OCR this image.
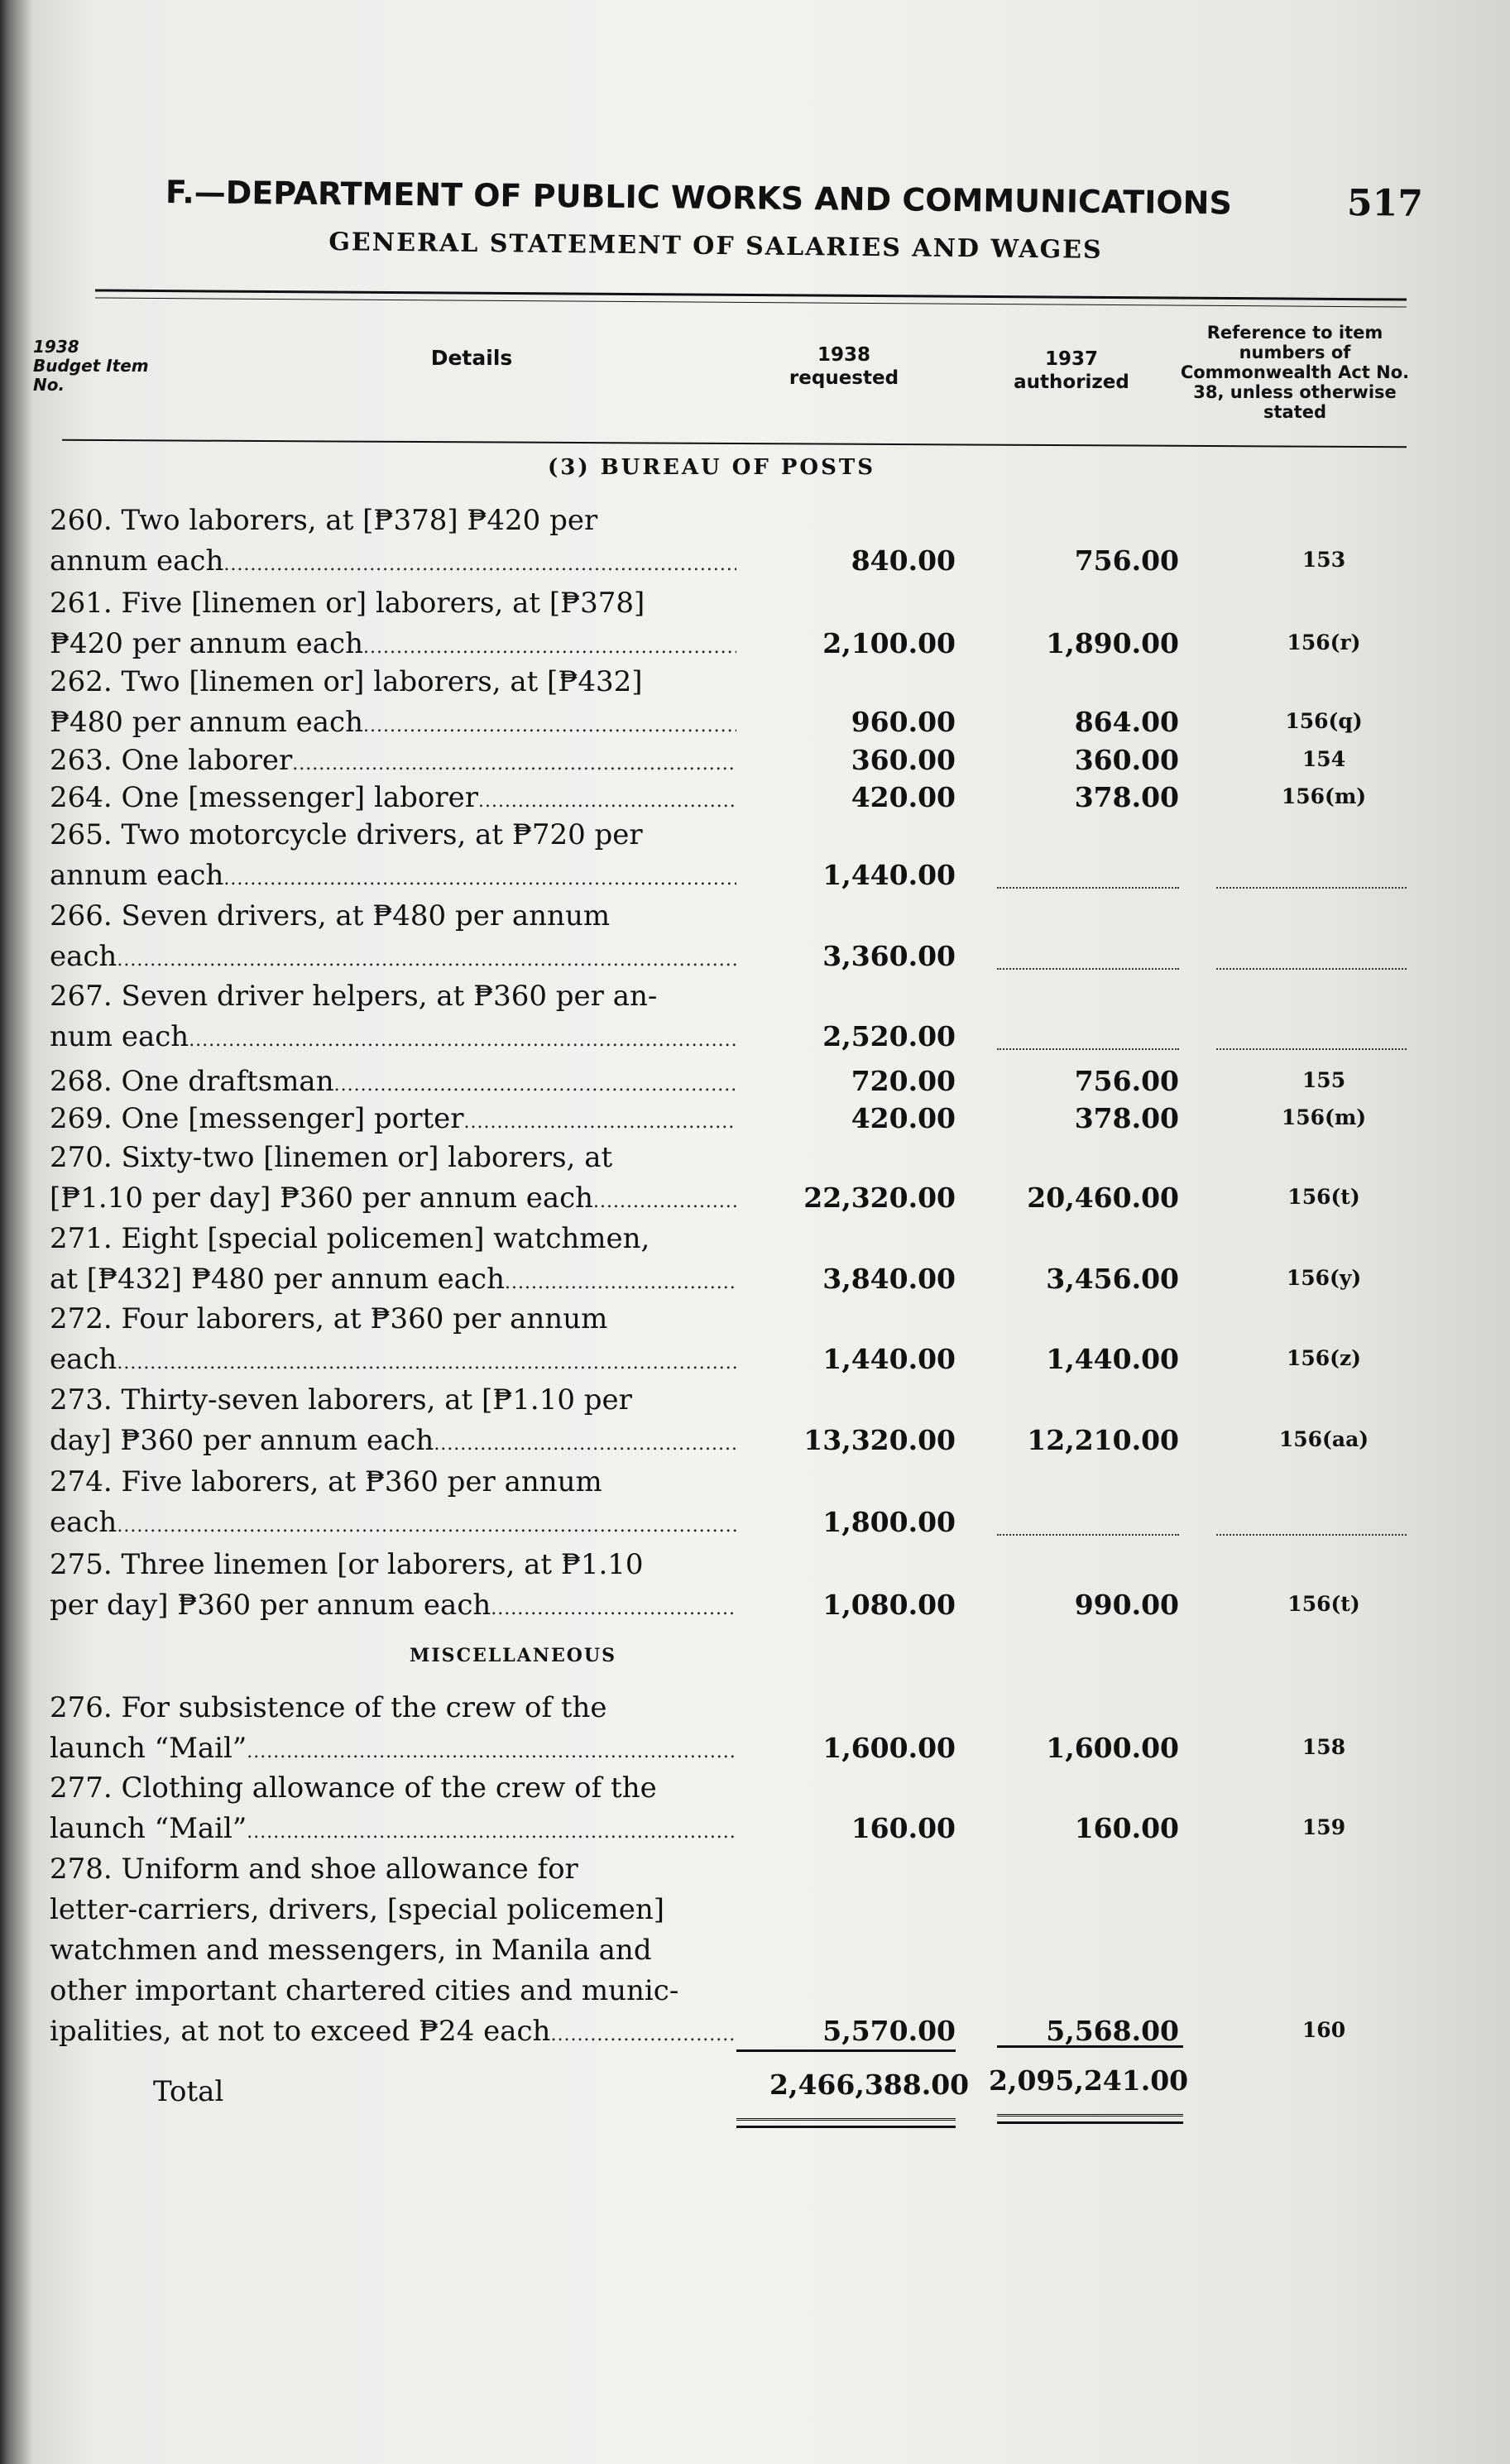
F.—DEPARTMENT OF PUBLIC WORKS AND COMMUNICATIONS	517
GENERAL STATEMENT OF SALARIES AND WAGES
1938 Budget Item No.
Details	1938 requested
1937 authorized
Reference to item numbers of Commonwealth Act No. 38, unless otherwise stated
(3) BUREAU OF POSTS
260. Two laborers, at [₱378] ₱420 per
annum each .....	840.00	756.00	153
261. Five [linemen or] laborers, at [₱378]
₱420 per annum each .....	2,100.00	1,890.00	156(r)
262. Two [linemen or] laborers, at [₱432]
₱480 per annum each .....	960.00	864.00	156(q)
263. One laborer .....	360.00	360.00	154
264. One [messenger] laborer .....	420.00	378.00	156(m)
265. Two motorcycle drivers, at ₱720 per
annum each .....	1,440.00
266. Seven drivers, at ₱480 per annum
each .....	3,360.00
267. Seven driver helpers, at ₱360 per an-
num each .....	2,520.00
268. One draftsman .....	720.00	756.00	155
269. One [messenger] porter .....	420.00	378.00	156(m)
270. Sixty-two [linemen or] laborers, at
[₱1.10 per day] ₱360 per annum each .....	22,320.00	20,460.00	156(t)
271. Eight [special policemen] watchmen,
at [₱432] ₱480 per annum each .....	3,840.00	3,456.00	156(y)
272. Four laborers, at ₱360 per annum
each .....	1,440.00	1,440.00	156(z)
273. Thirty-seven laborers, at [₱1.10 per
day] ₱360 per annum each .....	13,320.00	12,210.00	156(aa)
274. Five laborers, at ₱360 per annum
each .....	1,800.00
275. Three linemen [or laborers, at ₱1.10
per day] ₱360 per annum each .....	1,080.00	990.00	156(t)
MISCELLANEOUS
276. For subsistence of the crew of the
launch “Mail” .....	1,600.00	1,600.00	158
277. Clothing allowance of the crew of the
launch “Mail” .....	160.00	160.00	159
278. Uniform and shoe allowance for
letter-carriers, drivers, [special policemen]
watchmen and messengers, in Manila and
other important chartered cities and munic-
ipalities, at not to exceed ₱24 each .....	5,570.00	5,568.00	160
Total	2,466,388.00 2,095,241.00
